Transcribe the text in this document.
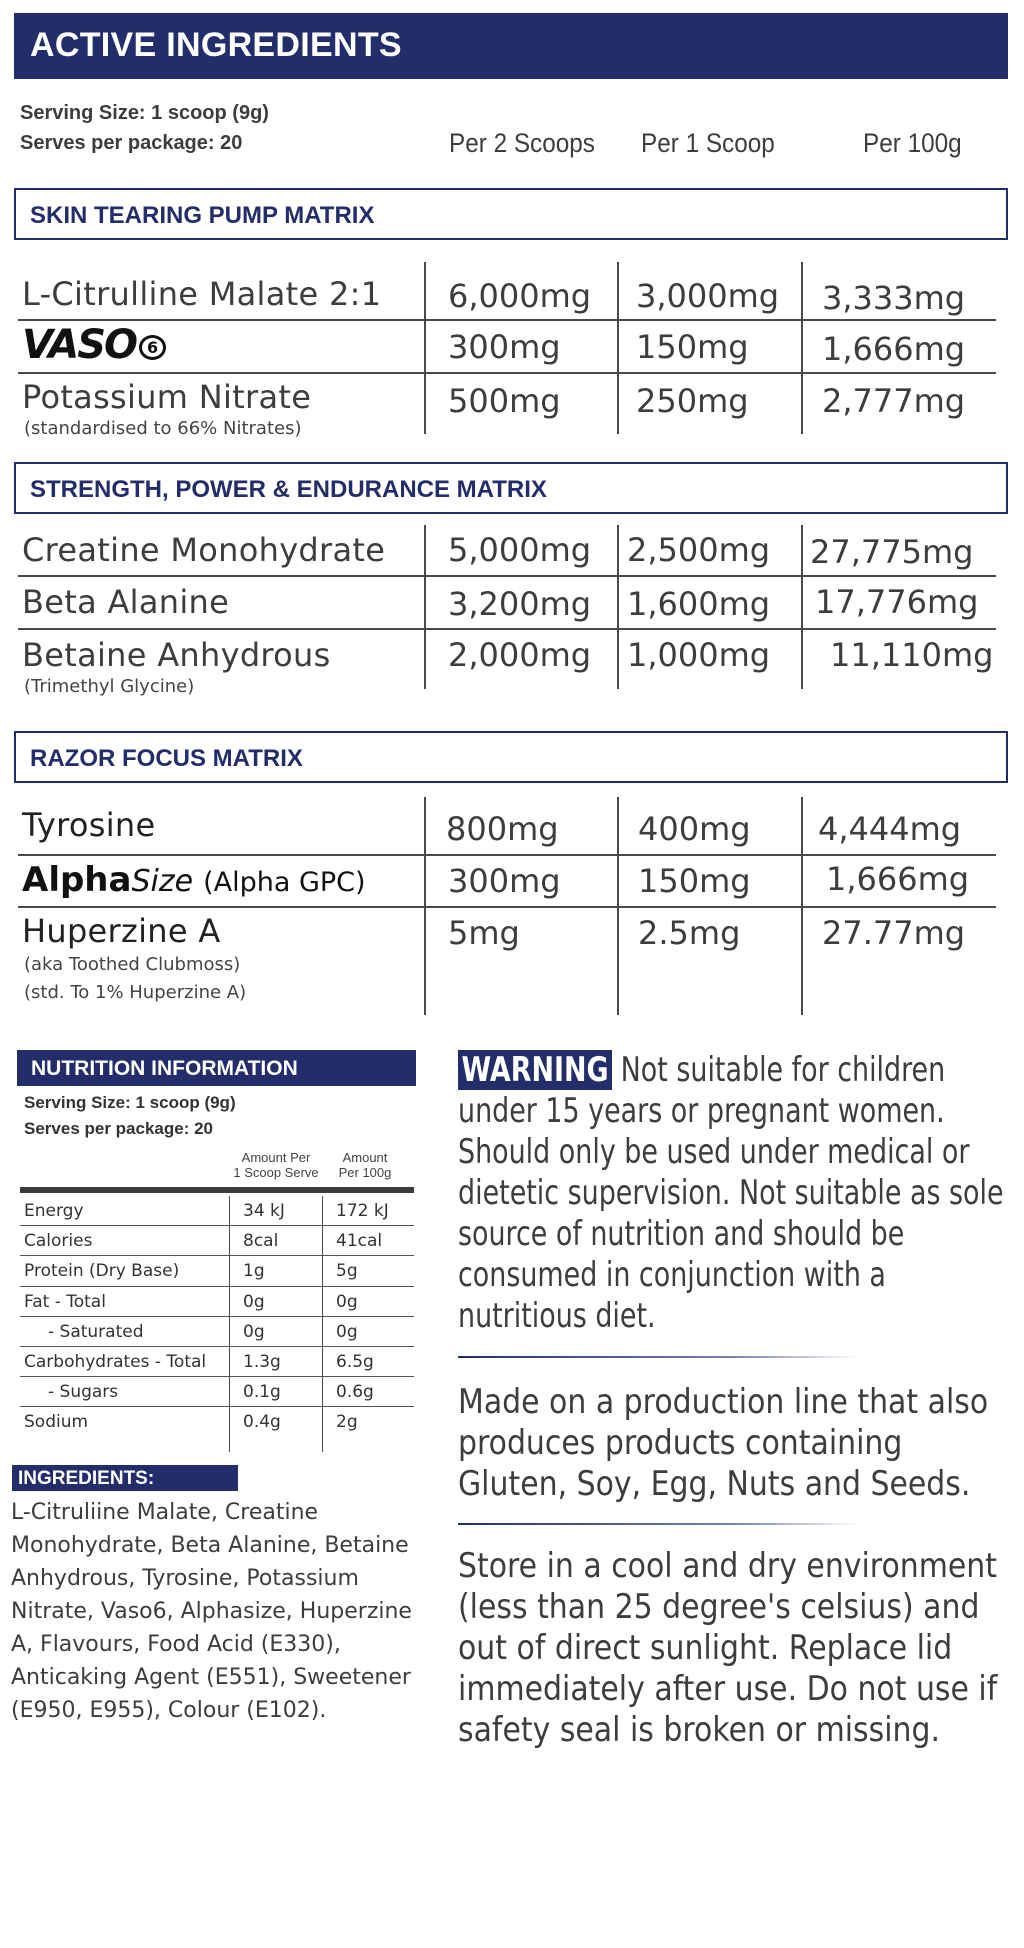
ACTIVE INGREDIENTS
Serving Size: 1 scoop (9g)
Serves per package: 20	Per 2 Scoops Per 1 Scoop	Per 100g
SKIN TEARING PUMP MATRIX
L-Citrulline Malate 2:1 6,000mg 3,000mg 3,333mg
VASO 6	300mg 150mg 1,666mg
Potassium Nitrate
(standardised to 66% Nitrates)
500mg 250mg 2,777mg
STRENGTH, POWER & ENDURANCE MATRIX
Creatine Monohydrate 5,000mg 2,500mg 27,775mg
Beta Alanine	3,200mg 1,600mg 17,776mg
Betaine Anhydrous
(Trimethyl Glycine)
2,000mg 1,000mg 11,110mg
RAZOR FOCUS MATRIX
Tyrosine	800mg 400mg 4,444mg
AlphaSize (Alpha GPC)	300mg 150mg 1,666mg
Huperzine A
(aka Toothed Clubmoss)
(std. To 1% Huperzine A)
5mg	2.5mg	27.77mg
NUTRITION INFORMATION
Serving Size: 1 scoop (9g)
Serves per package: 20
Amount Per
1 Scoop Serve
Amount
Per 100g
Energy	34 kJ	172 kJ
Calories	8cal	41cal
Protein (Dry Base)	1g	5g
Fat - Total	0g	0g
- Saturated	0g	0g
Carbohydrates - Total 1.3g	6.5g
- Sugars	0.1g	0.6g
Sodium	0.4g	2g
INGREDIENTS:
L-Citruliine Malate, Creatine Monohydrate, Beta Alanine, Betaine Anhydrous, Tyrosine, Potassium Nitrate, Vaso6, Alphasize, Huperzine A, Flavours, Food Acid (E330), Anticaking Agent (E551), Sweetener (E950, E955), Colour (E102).
WARNING Not suitable for children under 15 years or pregnant women. Should only be used under medical or dietetic supervision. Not suitable as sole source of nutrition and should be consumed in conjunction with a nutritious diet.
Made on a production line that also produces products containing Gluten, Soy, Egg, Nuts and Seeds.
Store in a cool and dry environment (less than 25 degree's celsius) and out of direct sunlight. Replace lid immediately after use. Do not use if safety seal is broken or missing.
